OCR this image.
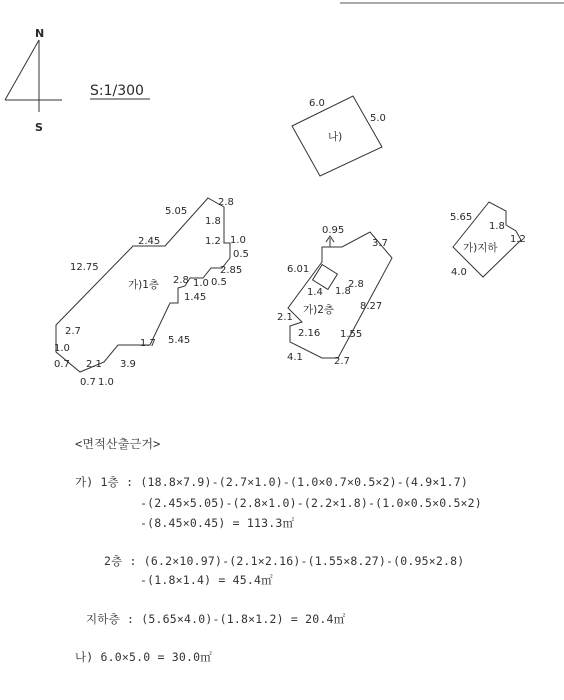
N
S
S:1/300
나)
6.0
5.0
가)1층
12.75
5.05
2.8
1.8
2.45	1.2 1.0
0.5
2.85
2.8 1.0 0.5
1.45
2.7
1.7 5.45
1.0
0.7 2.1 3.9
0.7 1.0
가)2층
0.95
3.7
6.01
2.8
1.4 1.8
8.27
2.1
2.16 1.55
4.1	2.7
가)지하
5.65
1.8
1.2
4.0
<면적산출근거>
가) 1층 : (18.8×7.9)-(2.7×1.0)-(1.0×0.7×0.5×2)-(4.9×1.7)
-(2.45×5.05)-(2.8×1.0)-(2.2×1.8)-(1.0×0.5×0.5×2)
-(8.45×0.45) = 113.3㎡
2층 : (6.2×10.97)-(2.1×2.16)-(1.55×8.27)-(0.95×2.8)
-(1.8×1.4) = 45.4㎡
지하층 : (5.65×4.0)-(1.8×1.2) = 20.4㎡
나) 6.0×5.0 = 30.0㎡
